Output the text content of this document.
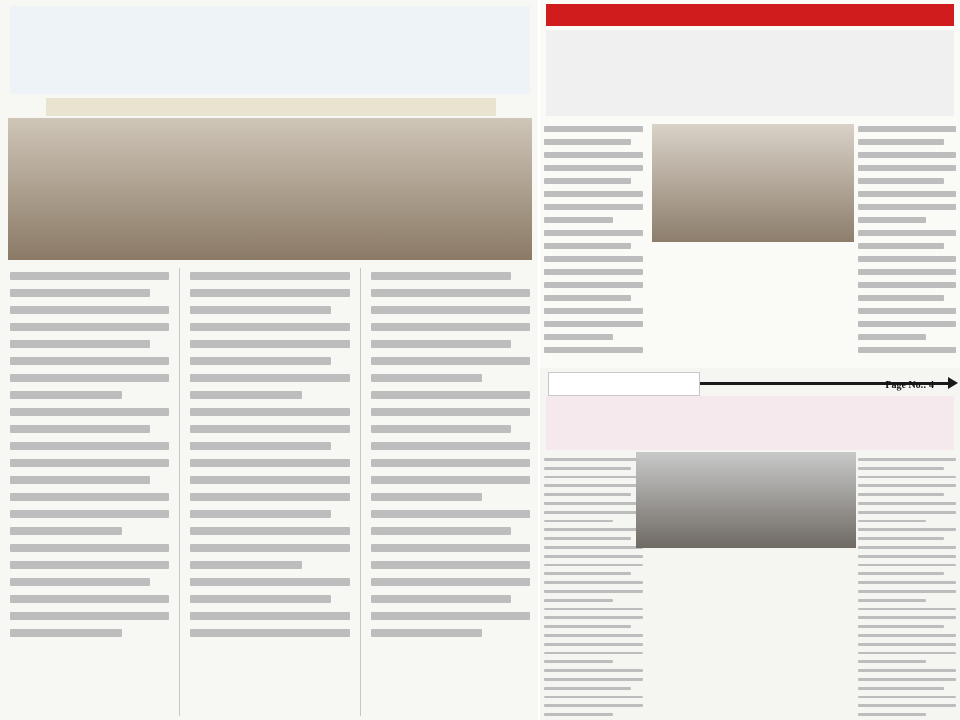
Page No.: 4
